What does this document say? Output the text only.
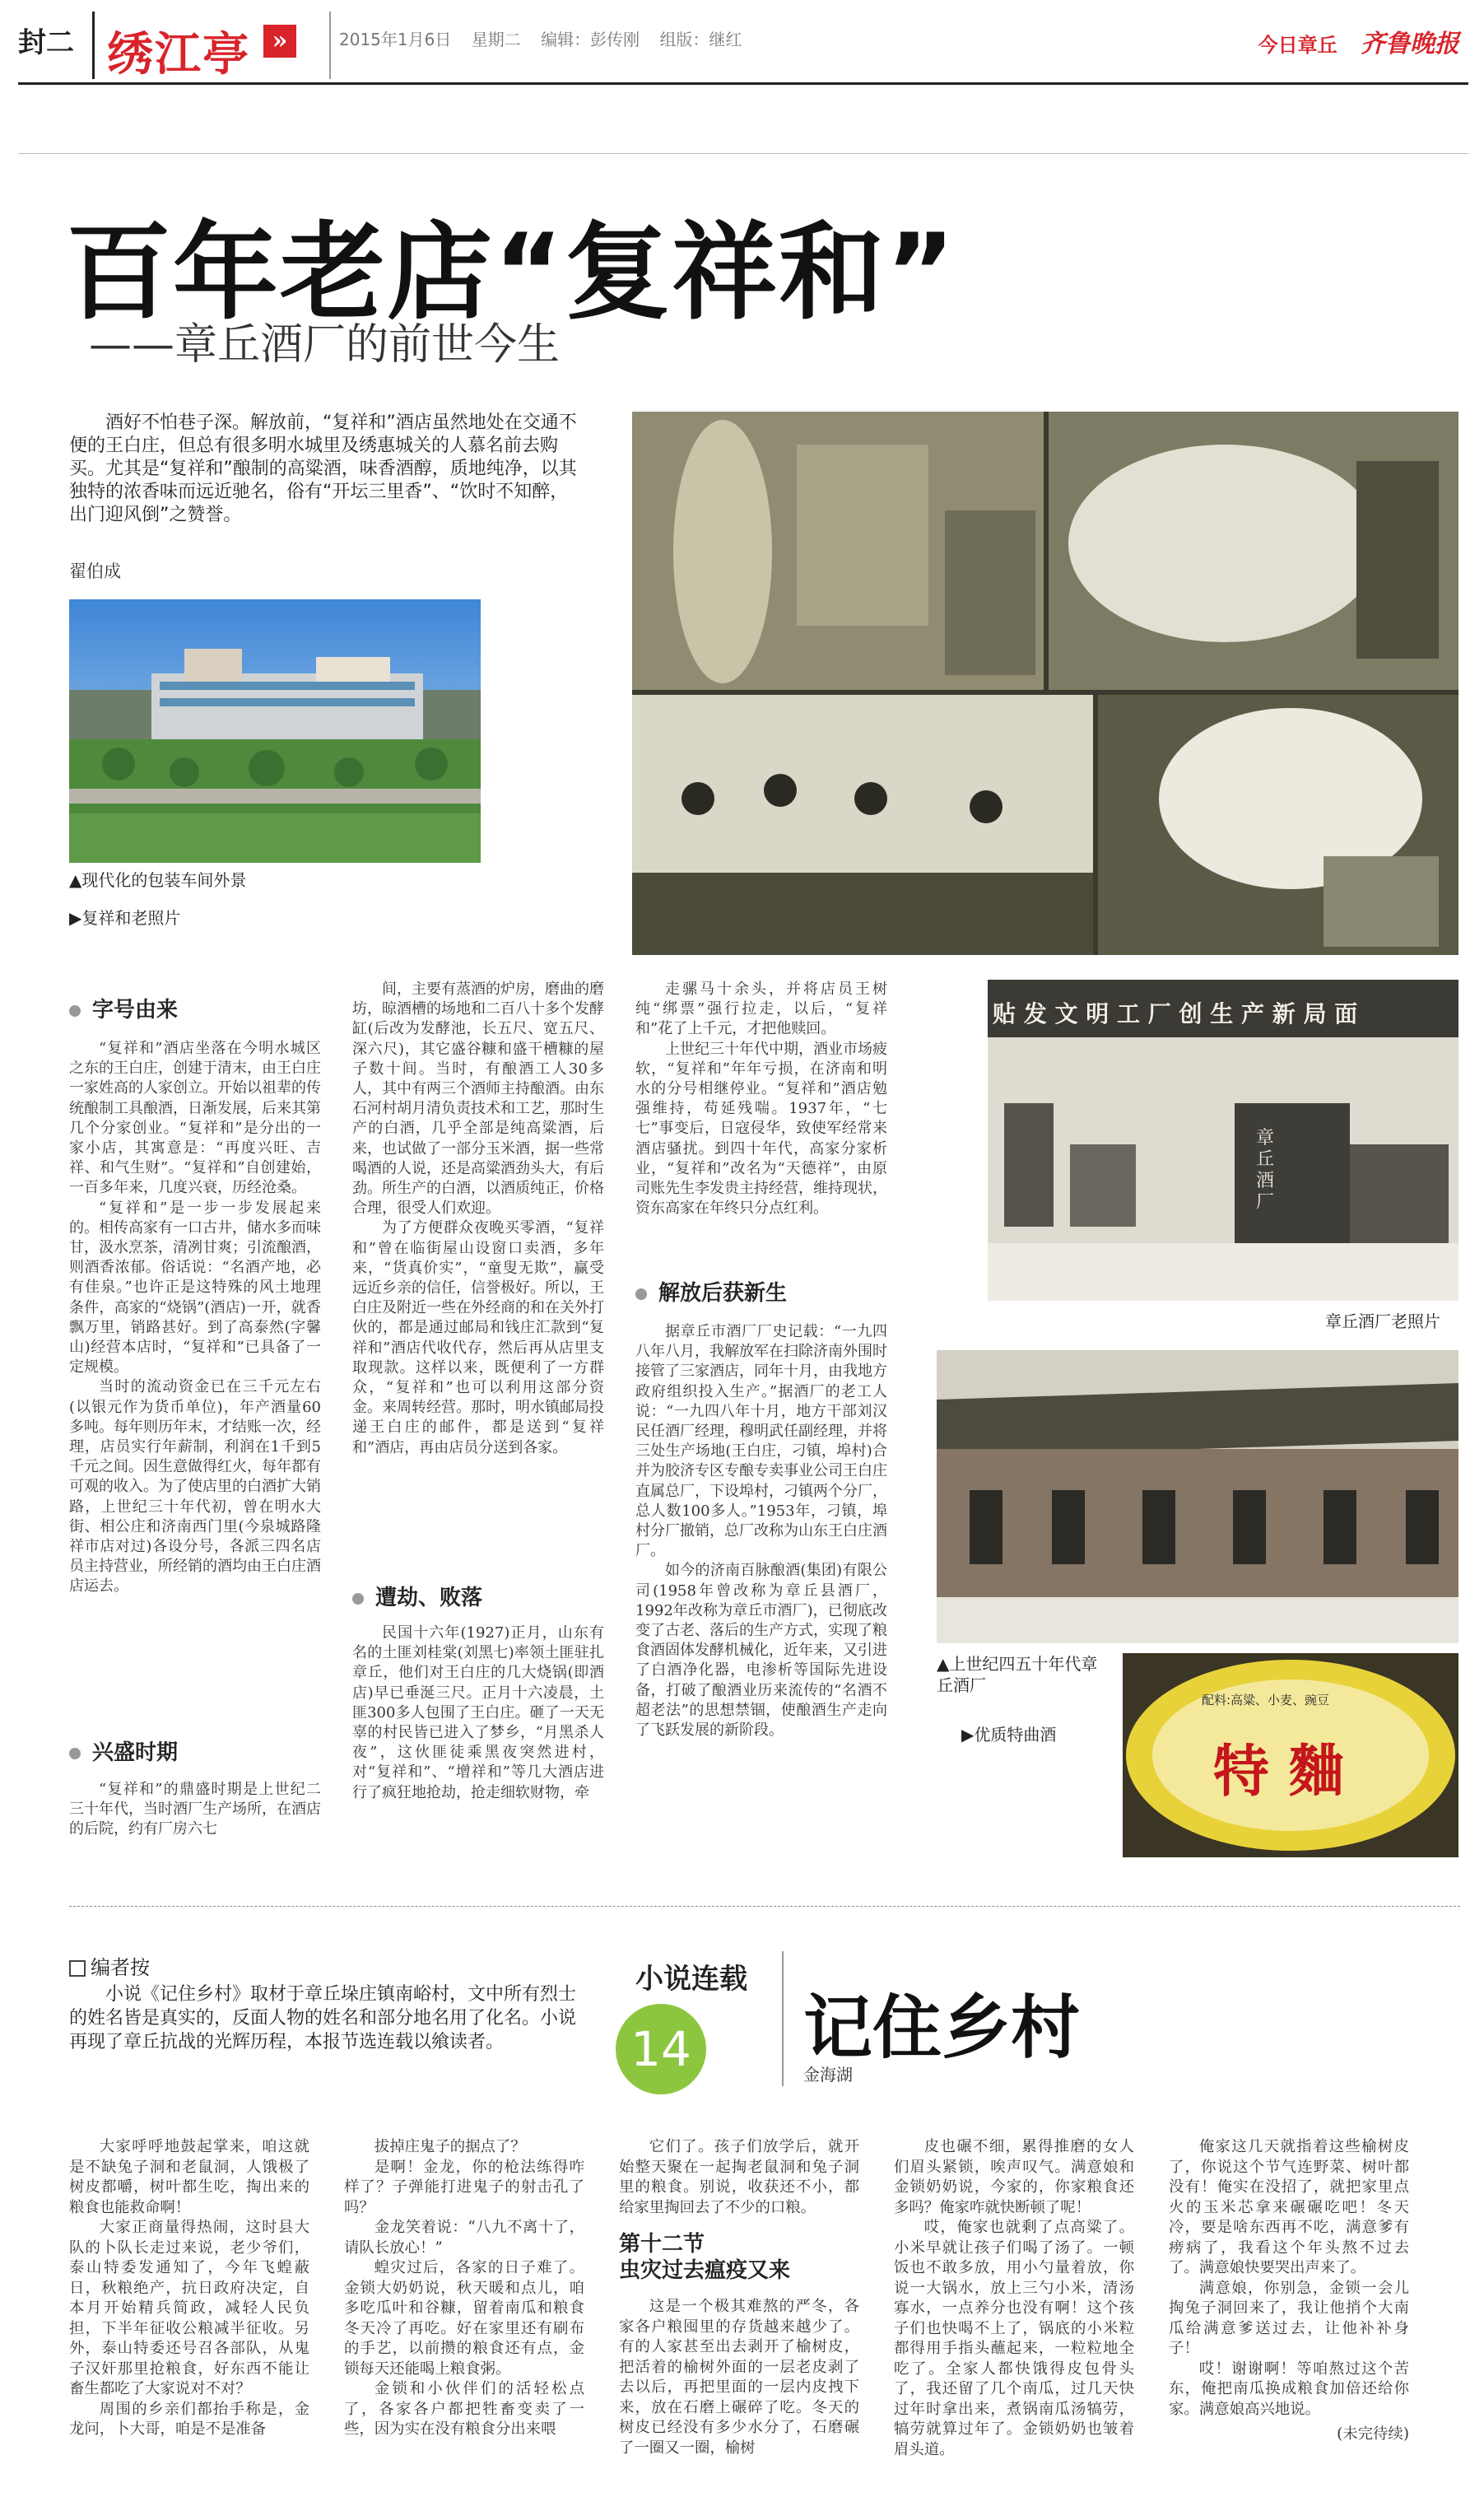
封二 绣江亭 »	2015年1月6日 星期二 编辑：彭传刚 组版：继红	今日章丘 齐鲁晚报
百年老店“复祥和”
——章丘酒厂的前世今生
酒好不怕巷子深。解放前，“复祥和”酒店虽然地处在交通不便的王白庄，但总有很多明水城里及绣惠城关的人慕名前去购买。尤其是“复祥和”酿制的高粱酒，味香酒醇，质地纯净，以其独特的浓香味而远近驰名，俗有“开坛三里香”、“饮时不知醉，出门迎风倒”之赞誉。
翟伯成
▲现代化的包装车间外景
▶复祥和老照片
字号由来

“复祥和”酒店坐落在今明水城区之东的王白庄，创建于清末，由王白庄一家姓高的人家创立。开始以祖辈的传统酿制工具酿酒，日渐发展，后来其第几个分家创业。“复祥和”是分出的一家小店，其寓意是：“再度兴旺、吉祥、和气生财”。“复祥和”自创建始，一百多年来，几度兴衰，历经沧桑。

“复祥和”是一步一步发展起来的。相传高家有一口古井，储水多而味甘，汲水烹茶，清冽甘爽；引流酿酒，则酒香浓郁。俗话说：“名酒产地，必有佳泉。”也许正是这特殊的风土地理条件，高家的“烧锅”(酒店)一开，就香飘万里，销路甚好。到了高泰然(字馨山)经营本店时，“复祥和”已具备了一定规模。

当时的流动资金已在三千元左右(以银元作为货币单位)，年产酒量60多吨。每年则历年末，才结账一次，经理，店员实行年薪制，利润在1千到5千元之间。因生意做得红火，每年都有可观的收入。为了使店里的白酒扩大销路，上世纪三十年代初，曾在明水大街、相公庄和济南西门里(今泉城路隆祥市店对过)各设分号，各派三四名店员主持营业，所经销的酒均由王白庄酒店运去。

兴盛时期

“复祥和”的鼎盛时期是上世纪二三十年代，当时酒厂生产场所，在酒店的后院，约有厂房六七

间，主要有蒸酒的炉房，磨曲的磨坊，晾酒槽的场地和二百八十多个发酵缸(后改为发酵池，长五尺、宽五尺、深六尺)，其它盛谷糠和盛干槽糠的屋子数十间。当时，有酿酒工人30多人，其中有两三个酒师主持酿酒。由东石河村胡月清负责技术和工艺，那时生产的白酒，几乎全部是纯高粱酒，后来，也试做了一部分玉米酒，据一些常喝酒的人说，还是高粱酒劲头大，有后劲。所生产的白酒，以酒质纯正，价格合理，很受人们欢迎。

为了方便群众夜晚买零酒，“复祥和”曾在临街屋山设窗口卖酒，多年来，“货真价实”，“童叟无欺”，赢受远近乡亲的信任，信誉极好。所以，王白庄及附近一些在外经商的和在关外打伙的，都是通过邮局和钱庄汇款到“复祥和”酒店代收代存，然后再从店里支取现款。这样以来，既便利了一方群众，“复祥和”也可以利用这部分资金。来周转经营。那时，明水镇邮局投递王白庄的邮件，都是送到“复祥和”酒店，再由店员分送到各家。

遭劫、败落

民国十六年(1927)正月，山东有名的土匪刘桂棠(刘黑七)率领土匪驻扎章丘，他们对王白庄的几大烧锅(即酒店)早已垂涎三尺。正月十六凌晨，土匪300多人包围了王白庄。砸了一天无辜的村民皆已进入了梦乡，“月黑杀人夜”，这伙匪徒乘黑夜突然进村，对“复祥和”、“增祥和”等几大酒店进行了疯狂地抢劫，抢走细软财物，牵

走骡马十余头，并将店员王树纯“绑票”强行拉走，以后，“复祥和”花了上千元，才把他赎回。

上世纪三十年代中期，酒业市场疲软，“复祥和”年年亏损，在济南和明水的分号相继停业。“复祥和”酒店勉强维持，苟延残喘。1937年，“七七”事变后，日寇侵华，致使军经常来酒店骚扰。到四十年代，高家分家析业，“复祥和”改名为“天德祥”，由原司账先生李发贵主持经营，维持现状，资东高家在年终只分点红利。

解放后获新生

据章丘市酒厂厂史记载：“一九四八年八月，我解放军在扫除济南外围时接管了三家酒店，同年十月，由我地方政府组织投入生产。”据酒厂的老工人说：“一九四八年十月，地方干部刘汉民任酒厂经理，穆明武任副经理，并将三处生产场地(王白庄，刁镇，埠村)合并为胶济专区专酿专卖事业公司王白庄直属总厂，下设埠村，刁镇两个分厂，总人数100多人。”1953年，刁镇，埠村分厂撤销，总厂改称为山东王白庄酒厂。

如今的济南百脉酿酒(集团)有限公司(1958年曾改称为章丘县酒厂，1992年改称为章丘市酒厂)，已彻底改变了古老、落后的生产方式，实现了粮食酒固体发酵机械化，近年来，又引进了白酒净化器，电渗析等国际先进设备，打破了酿酒业历来流传的“名酒不超老法”的思想禁锢，使酿酒生产走向了飞跃发展的新阶段。

贴 发 文 明 工 厂 创 生 产 新 局 面
章丘酒厂
章丘酒厂老照片
▲上世纪四五十年代章丘酒厂
▶优质特曲酒
配料:高粱、小麦、豌豆
特 麯
编者按
小说《记住乡村》取材于章丘垛庄镇南峪村，文中所有烈士的姓名皆是真实的，反面人物的姓名和部分地名用了化名。小说再现了章丘抗战的光辉历程，本报节选连载以飨读者。
小说连载
14 记住乡村
金海湖

大家呼呼地鼓起掌来，咱这就是不缺兔子洞和老鼠洞，人饿极了树皮都嚼，树叶都生吃，掏出来的粮食也能救命啊！

大家正商量得热闹，这时县大队的卜队长走过来说，老少爷们，泰山特委发通知了，今年飞蝗蔽日，秋粮绝产，抗日政府决定，自本月开始精兵简政，减轻人民负担，下半年征收公粮减半征收。另外，泰山特委还号召各部队，从鬼子汉奸那里抢粮食，好东西不能让畜生都吃了大家说对不对？

周围的乡亲们都抬手称是，金龙问，卜大哥，咱是不是准备

拔掉庄鬼子的据点了？

是啊！金龙，你的枪法练得咋样了？子弹能打进鬼子的射击孔了吗？

金龙笑着说：“八九不离十了，请队长放心！”

蝗灾过后，各家的日子难了。金锁大奶奶说，秋天暖和点儿，咱多吃瓜叶和谷糠，留着南瓜和粮食冬天冷了再吃。好在家里还有刷布的手艺，以前攒的粮食还有点，金锁每天还能喝上粮食粥。

金锁和小伙伴们的活轻松点了，各家各户都把牲畜变卖了一些，因为实在没有粮食分出来喂

它们了。孩子们放学后，就开始整天聚在一起掏老鼠洞和兔子洞里的粮食。别说，收获还不小，都给家里掏回去了不少的口粮。

第十二节
虫灾过去瘟疫又来

这是一个极其难熬的严冬，各家各户粮囤里的存货越来越少了。有的人家甚至出去剥开了榆树皮，把活着的榆树外面的一层老皮剥了去以后，再把里面的一层内皮拽下来，放在石磨上碾碎了吃。冬天的树皮已经没有多少水分了，石磨碾了一圈又一圈，榆树

皮也碾不细，累得推磨的女人们眉头紧锁，唉声叹气。满意娘和金锁奶奶说，今家的，你家粮食还多吗？俺家咋就快断顿了呢！

哎，俺家也就剩了点高粱了。小米早就让孩子们喝了汤了。一顿饭也不敢多放，用小勺量着放，你说一大锅水，放上三勺小米，清汤寡水，一点养分也没有啊！这个孩子们也快喝不上了，锅底的小米粒都得用手指头蘸起来，一粒粒地全吃了。全家人都快饿得皮包骨头了，我还留了几个南瓜，过几天快过年时拿出来，煮锅南瓜汤犒劳，犒劳就算过年了。金锁奶奶也皱着眉头道。

俺家这几天就指着这些榆树皮了，你说这个节气连野菜、树叶都没有！俺实在没招了，就把家里点火的玉米芯拿来碾碾吃吧！冬天冷，要是啥东西再不吃，满意爹有痨病了，我看这个年头熬不过去了。满意娘快要哭出声来了。

满意娘，你别急，金锁一会儿掏兔子洞回来了，我让他捎个大南瓜给满意爹送过去，让他补补身子！

哎！谢谢啊！等咱熬过这个苦东，俺把南瓜换成粮食加倍还给你家。满意娘高兴地说。

(未完待续)
